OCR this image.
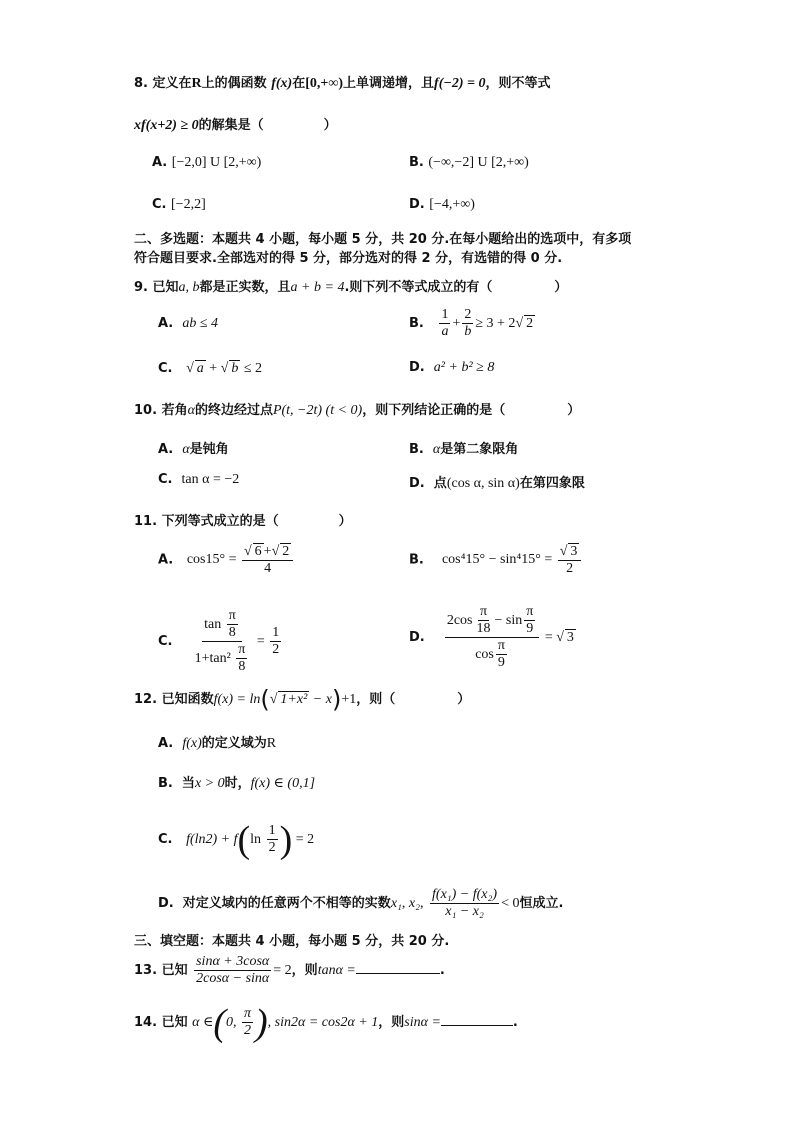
8. 定义在R上的偶函数 f(x)在[0,+∞)上单调递增，且f(−2) = 0，则不等式
xf(x+2) ≥ 0的解集是（	）
A. [−2,0] U [2,+∞)	B. (−∞,−2] U [2,+∞)
C. [−2,2]	D. [−4,+∞)
二、多选题：本题共 4 小题，每小题 5 分，共 20 分.在每小题给出的选项中，有多项
符合题目要求.全部选对的得 5 分，部分选对的得 2 分，有选错的得 0 分.
9. 已知a, b都是正实数，且a + b = 4.则下列不等式成立的有（	）
A. ab ≤ 4	B. $\frac{1}{a} + \frac{2}{b} \ge 3 + 2√$ 2
C. √ a + √ b ≤ 2	D. a² + b² ≥ 8
10. 若角α的终边经过点P(t, −2t) (t < 0)，则下列结论正确的是（	）
A. α是钝角	B. α是第二象限角
C. tan α = −2	D. 点(cos α, sin α)在第四象限
11. 下列等式成立的是（	）
A. $\cos 15^\circ = \frac{√ 6 +√ 2}{4}$	B. $\cos^415^\circ - \sin^415^\circ = \frac{√ 3}{2}$
C. $\frac{\tan \frac{\pi}{8}}{1+\tan^2 \frac{\pi}{8}} = \frac{1}{2}$	D. $\frac{2\cos \frac{\pi}{18} - \sin \frac{\pi}{9}}{\cos \frac{\pi}{9}}$ = √ 3
12. 已知函数f(x) = ln(√ 1+x² − x)+1，则（	）
A. f(x)的定义域为R
B. 当x > 0时，f(x) ∈ (0,1]
C. $f(\ln 2) + f(\ln \frac{1}{2}$ ) = 2
D. 对定义域内的任意两个不相等的实数x₁, x₂, $\frac{\text{f(x₁) − f(x₂)}}{\text{x₁ − x₂}} < 0$恒成立.
三、填空题：本题共 4 小题，每小题 5 分，共 20 分.
13. 已知 $\frac{\sin\alpha + 3\cos\alpha}{2\cos\alpha - \sin\alpha} = 2$，则tanα =	.
14. 已知 α ∈(0, $\frac{\pi}{2}$ ), sin2α = cos2α + 1，则sinα =	.
